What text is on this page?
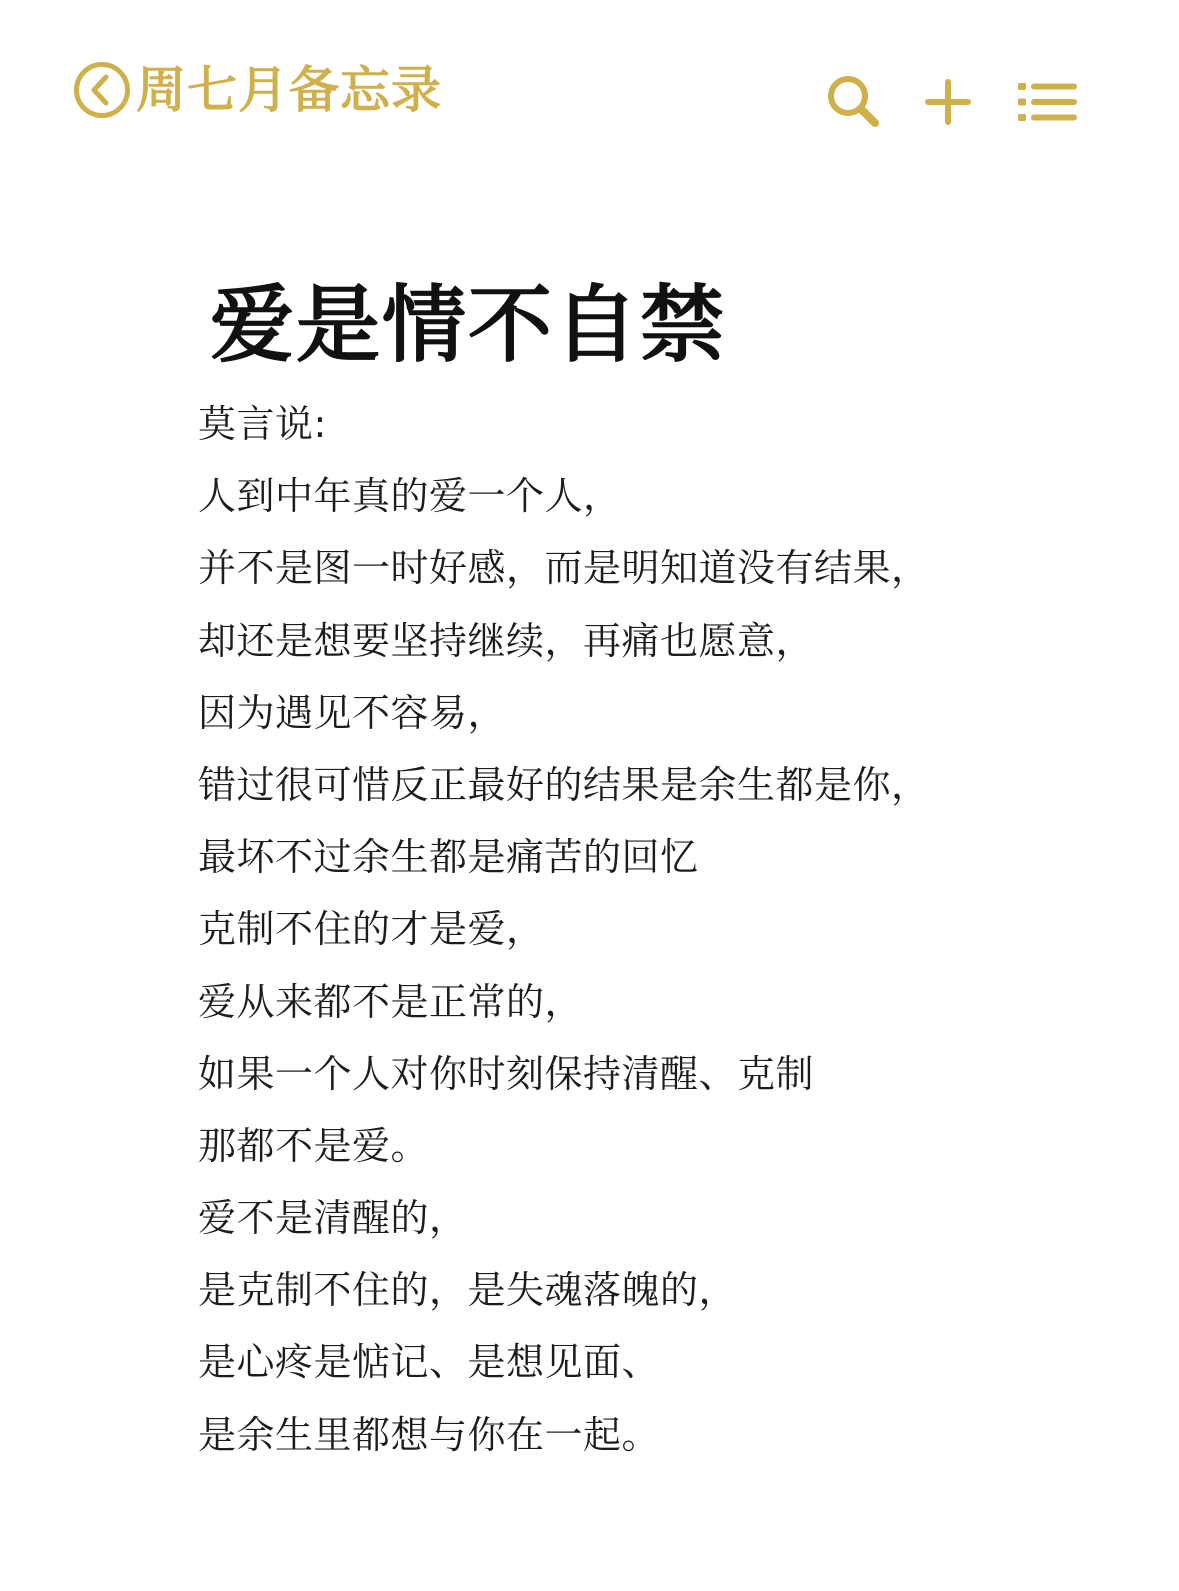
周七月备忘录
爱是情不自禁
莫言说:
人到中年真的爱一个人，
并不是图一时好感，而是明知道没有结果，
却还是想要坚持继续，再痛也愿意，
因为遇见不容易，
错过很可惜反正最好的结果是余生都是你，
最坏不过余生都是痛苦的回忆
克制不住的才是爱，
爱从来都不是正常的，
如果一个人对你时刻保持清醒、克制
那都不是爱。
爱不是清醒的，
是克制不住的，是失魂落魄的，
是心疼是惦记、是想见面、
是余生里都想与你在一起。
